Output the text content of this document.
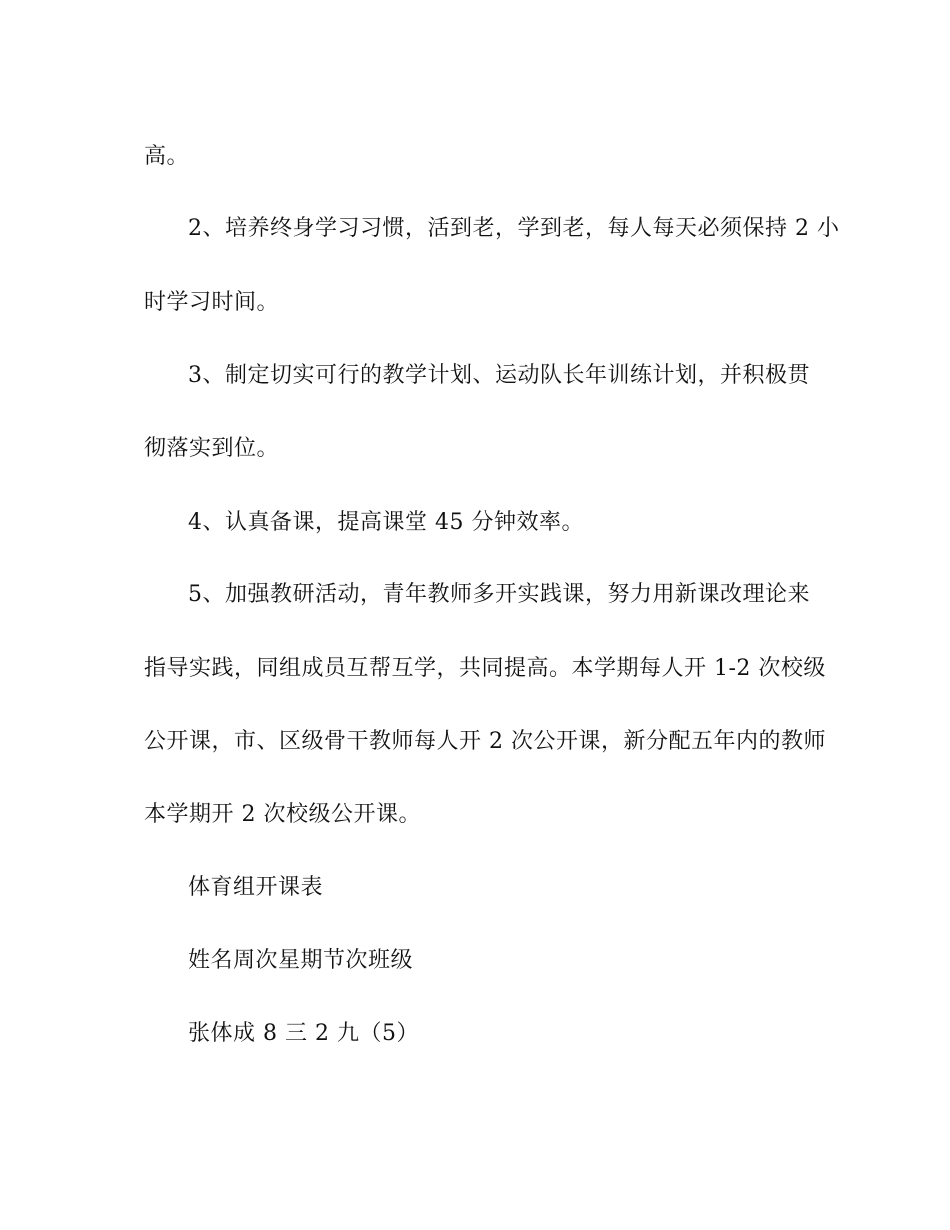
高。
2、培养终身学习习惯，活到老，学到老，每人每天必须保持 2 小
时学习时间。
3、制定切实可行的教学计划、运动队长年训练计划，并积极贯
彻落实到位。
4、认真备课，提高课堂 45 分钟效率。
5、加强教研活动，青年教师多开实践课，努力用新课改理论来
指导实践，同组成员互帮互学，共同提高。本学期每人开 1-2 次校级
公开课，市、区级骨干教师每人开 2 次公开课，新分配五年内的教师
本学期开 2 次校级公开课。
体育组开课表
姓名周次星期节次班级
张体成 8 三 2 九（5）
